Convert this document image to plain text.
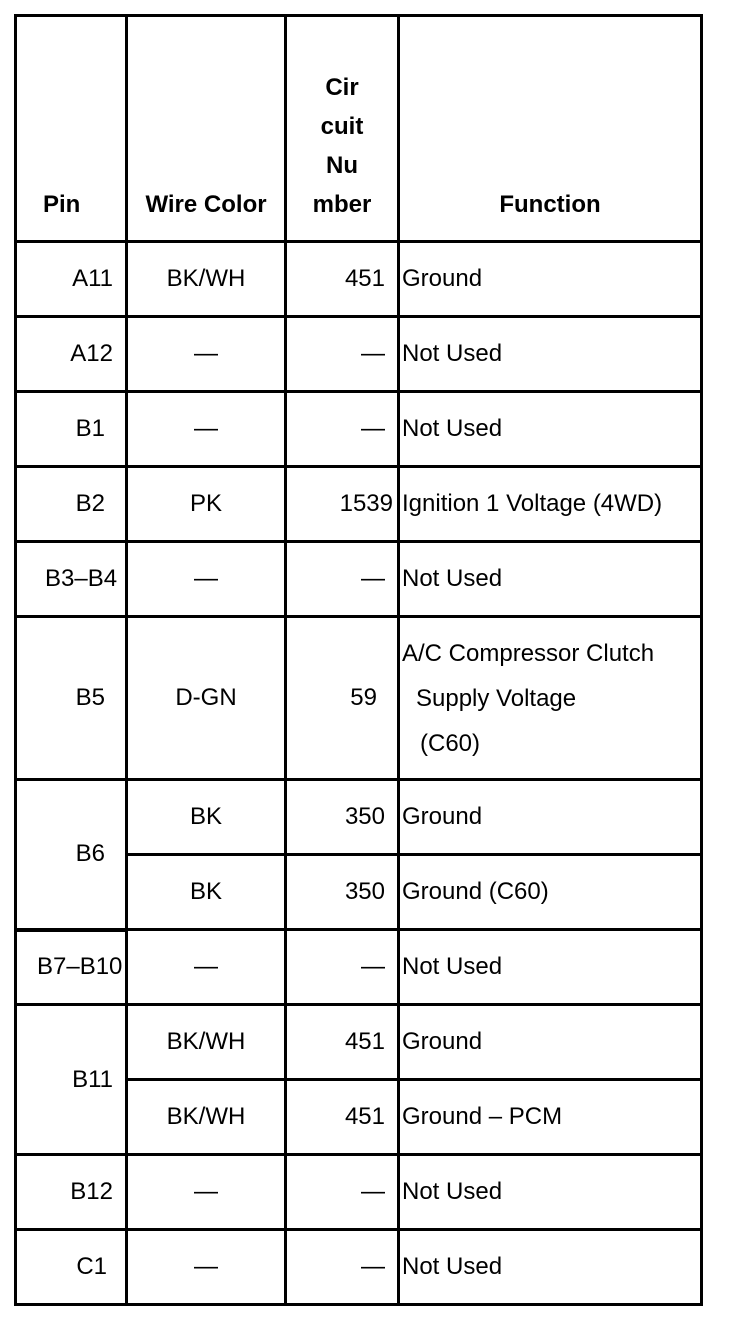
Pin	Wire Color	Cir cuit Nu mber	Function
A11	BK/WH	451	Ground
A12	—	—	Not Used
B1	—	—	Not Used
B2	PK	1539	Ignition 1 Voltage (4WD)
B3–B4	—	—	Not Used
B5	D-GN	59	A/C Compressor Clutch
Supply Voltage
(C60)

B6	BK	350	Ground
	BK	350	Ground (C60)
B7–B10	—	—	Not Used
B11	BK/WH	451	Ground
	BK/WH	451	Ground – PCM
B12	—	—	Not Used
C1	—	—	Not Used
